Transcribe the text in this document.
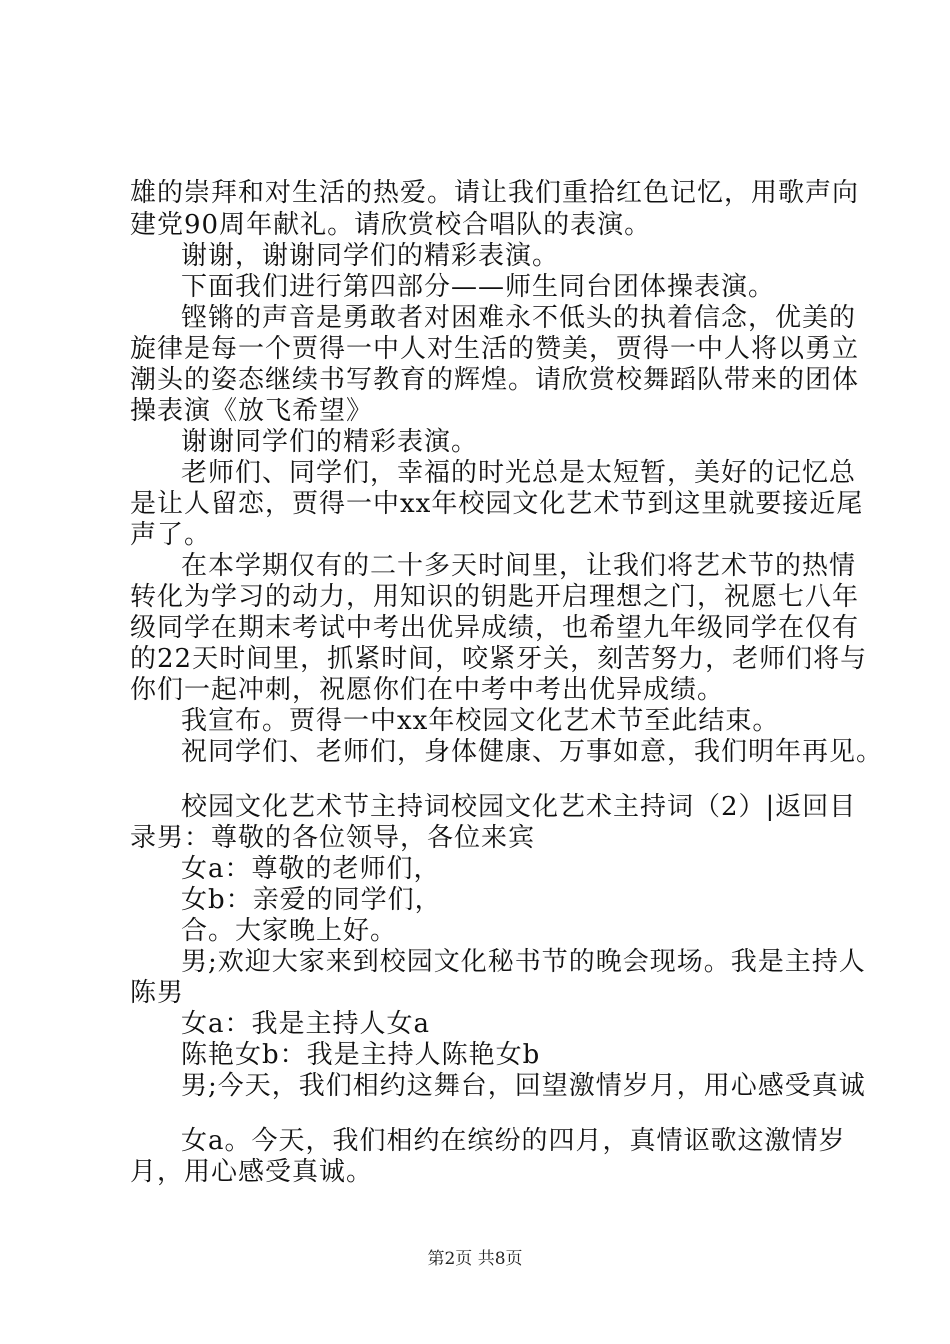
雄的崇拜和对生活的热爱。请让我们重拾红色记忆，用歌声向
建党90周年献礼。请欣赏校合唱队的表演。
谢谢，谢谢同学们的精彩表演。
下面我们进行第四部分——师生同台团体操表演。
铿锵的声音是勇敢者对困难永不低头的执着信念，优美的
旋律是每一个贾得一中人对生活的赞美，贾得一中人将以勇立
潮头的姿态继续书写教育的辉煌。请欣赏校舞蹈队带来的团体
操表演《放飞希望》
谢谢同学们的精彩表演。
老师们、同学们，幸福的时光总是太短暂，美好的记忆总
是让人留恋，贾得一中xx年校园文化艺术节到这里就要接近尾
声了。
在本学期仅有的二十多天时间里，让我们将艺术节的热情
转化为学习的动力，用知识的钥匙开启理想之门，祝愿七八年
级同学在期末考试中考出优异成绩，也希望九年级同学在仅有
的22天时间里，抓紧时间，咬紧牙关，刻苦努力，老师们将与
你们一起冲刺，祝愿你们在中考中考出优异成绩。
我宣布。贾得一中xx年校园文化艺术节至此结束。
祝同学们、老师们，身体健康、万事如意，我们明年再见。
校园文化艺术节主持词校园文化艺术主持词（2）|返回目
录男：尊敬的各位领导，各位来宾
女a：尊敬的老师们，
女b：亲爱的同学们，
合。大家晚上好。
男;欢迎大家来到校园文化秘书节的晚会现场。我是主持人
陈男
女a：我是主持人女a
陈艳女b：我是主持人陈艳女b
男;今天，我们相约这舞台，回望激情岁月，用心感受真诚
女a。今天，我们相约在缤纷的四月，真情讴歌这激情岁
月，用心感受真诚。
第2页 共8页
